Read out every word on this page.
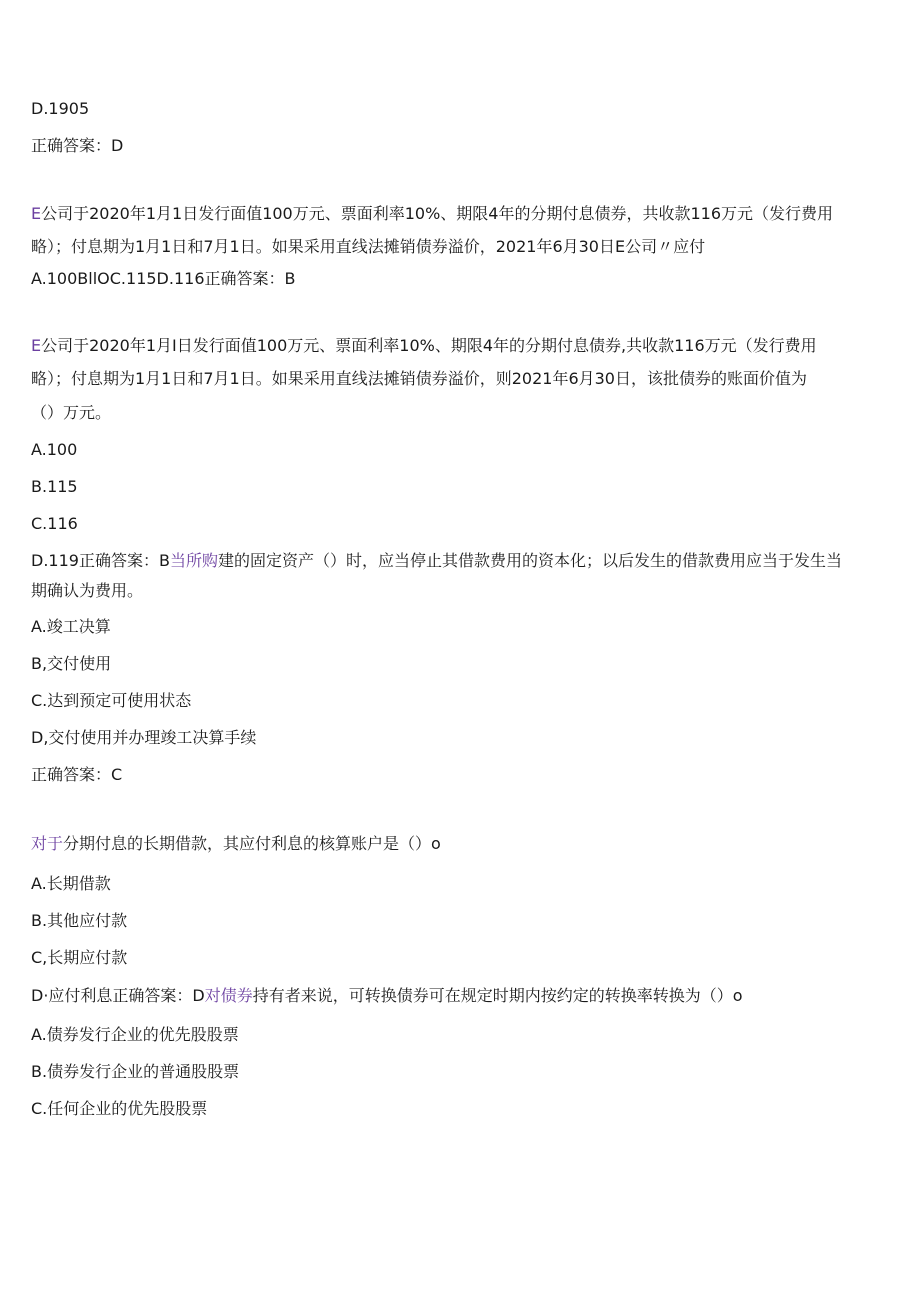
D.1905
正确答案：D
E公司于2020年1月1日发行面值100万元、票面利率10%、期限4年的分期付息债券，共收款116万元（发行费用
略）；付息期为1月1日和7月1日。如果采用直线法摊销债券溢价，2021年6月30日E公司〃应付
A.100BllOC.115D.116正确答案：B
E公司于2020年1月I日发行面值100万元、票面利率10%、期限4年的分期付息债券,共收款116万元（发行费用
略）；付息期为1月1日和7月1日。如果采用直线法摊销债券溢价，则2021年6月30日，该批债券的账面价值为
（）万元。
A.100
B.115
C.116
D.119正确答案：B当所购建的固定资产（）时，应当停止其借款费用的资本化；以后发生的借款费用应当于发生当
期确认为费用。
A.竣工决算
B,交付使用
C.达到预定可使用状态
D,交付使用并办理竣工决算手续
正确答案：C
对于分期付息的长期借款，其应付利息的核算账户是（）o
A.长期借款
B.其他应付款
C,长期应付款
D·应付利息正确答案：D对债券持有者来说，可转换债券可在规定时期内按约定的转换率转换为（）o
A.债券发行企业的优先股股票
B.债券发行企业的普通股股票
C.任何企业的优先股股票
